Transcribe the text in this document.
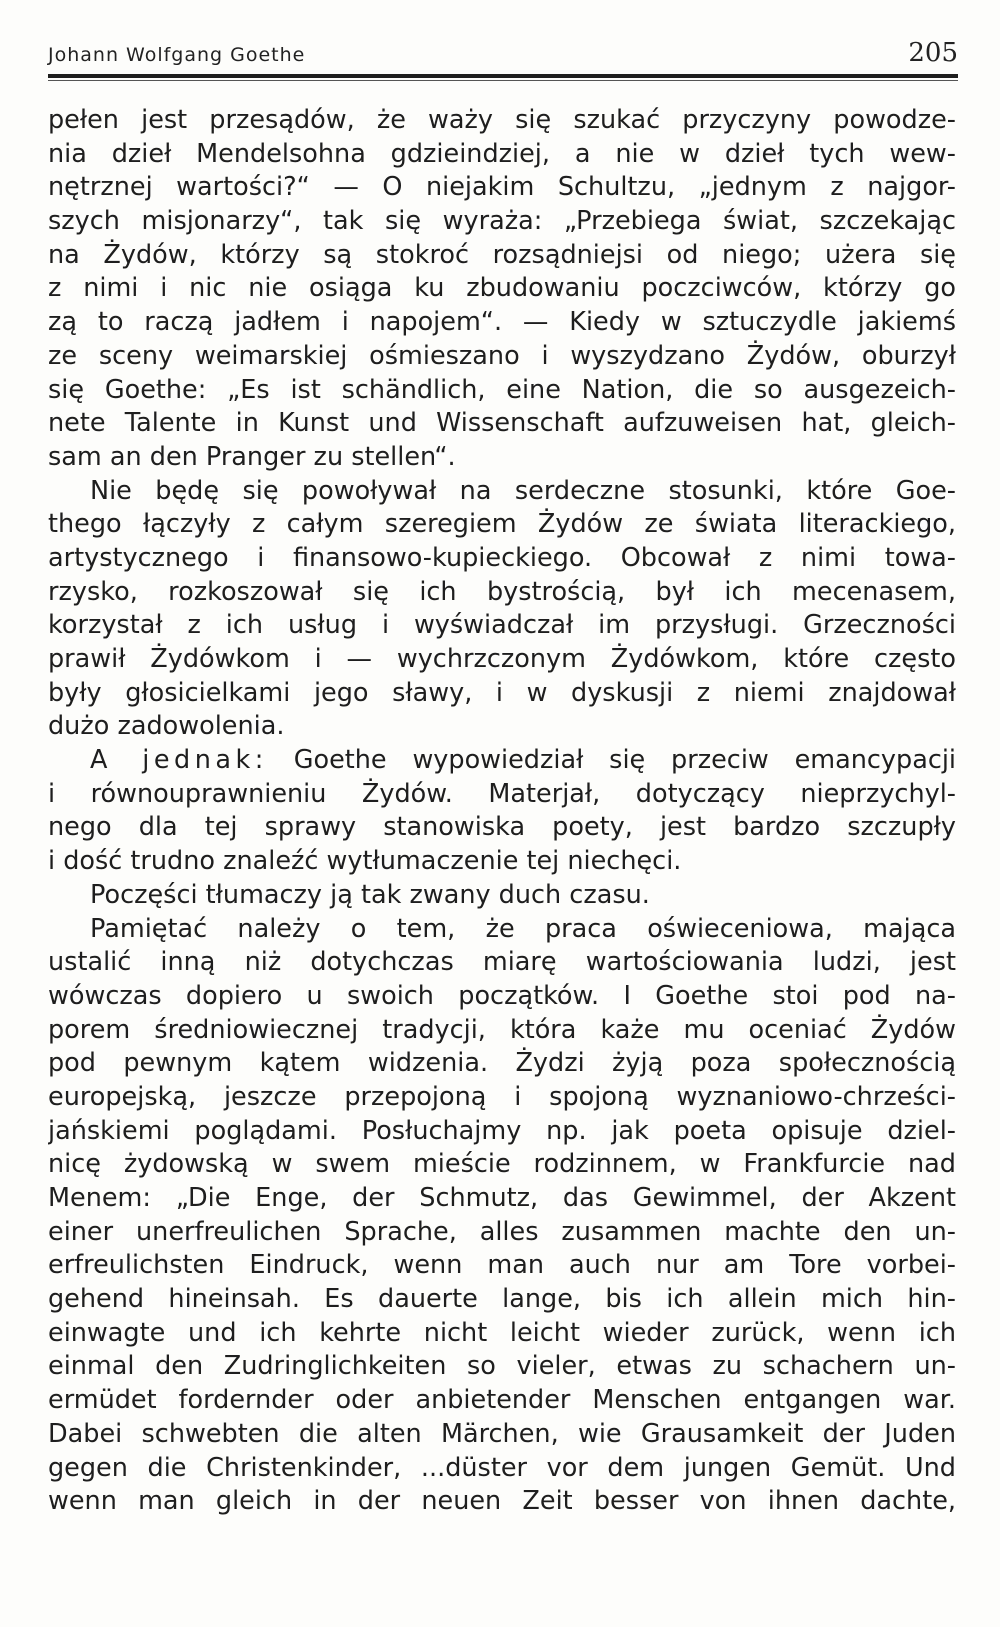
Johann Wolfgang Goethe	205
pełen jest przesądów, że waży się szukać przyczyny powodze-
nia dzieł Mendelsohna gdzieindziej, a nie w dzieł tych wew-
nętrznej wartości?“ — O niejakim Schultzu, „jednym z najgor-
szych misjonarzy“, tak się wyraża: „Przebiega świat, szczekając
na Żydów, którzy są stokroć rozsądniejsi od niego; użera się
z nimi i nic nie osiąga ku zbudowaniu poczciwców, którzy go
zą to raczą jadłem i napojem“. — Kiedy w sztuczydle jakiemś
ze sceny weimarskiej ośmieszano i wyszydzano Żydów, oburzył
się Goethe: „Es ist schändlich, eine Nation, die so ausgezeich-
nete Talente in Kunst und Wissenschaft aufzuweisen hat, gleich-
sam an den Pranger zu stellen“.
Nie będę się powoływał na serdeczne stosunki, które Goe-
thego łączyły z całym szeregiem Żydów ze świata literackiego,
artystycznego i finansowo-kupieckiego. Obcował z nimi towa-
rzysko, rozkoszował się ich bystrością, był ich mecenasem,
korzystał z ich usług i wyświadczał im przysługi. Grzeczności
prawił Żydówkom i — wychrzczonym Żydówkom, które często
były głosicielkami jego sławy, i w dyskusji z niemi znajdował
dużo zadowolenia.
A jednak: Goethe wypowiedział się przeciw emancypacji
i równouprawnieniu Żydów. Materjał, dotyczący nieprzychyl-
nego dla tej sprawy stanowiska poety, jest bardzo szczupły
i dość trudno znaleźć wytłumaczenie tej niechęci.
Poczęści tłumaczy ją tak zwany duch czasu.
Pamiętać należy o tem, że praca oświeceniowa, mająca
ustalić inną niż dotychczas miarę wartościowania ludzi, jest
wówczas dopiero u swoich początków. I Goethe stoi pod na-
porem średniowiecznej tradycji, która każe mu oceniać Żydów
pod pewnym kątem widzenia. Żydzi żyją poza społecznością
europejską, jeszcze przepojoną i spojoną wyznaniowo-chrześci-
jańskiemi poglądami. Posłuchajmy np. jak poeta opisuje dziel-
nicę żydowską w swem mieście rodzinnem, w Frankfurcie nad
Menem: „Die Enge, der Schmutz, das Gewimmel, der Akzent
einer unerfreulichen Sprache, alles zusammen machte den un-
erfreulichsten Eindruck, wenn man auch nur am Tore vorbei-
gehend hineinsah. Es dauerte lange, bis ich allein mich hin-
einwagte und ich kehrte nicht leicht wieder zurück, wenn ich
einmal den Zudringlichkeiten so vieler, etwas zu schachern un-
ermüdet fordernder oder anbietender Menschen entgangen war.
Dabei schwebten die alten Märchen, wie Grausamkeit der Juden
gegen die Christenkinder, ...düster vor dem jungen Gemüt. Und
wenn man gleich in der neuen Zeit besser von ihnen dachte,
